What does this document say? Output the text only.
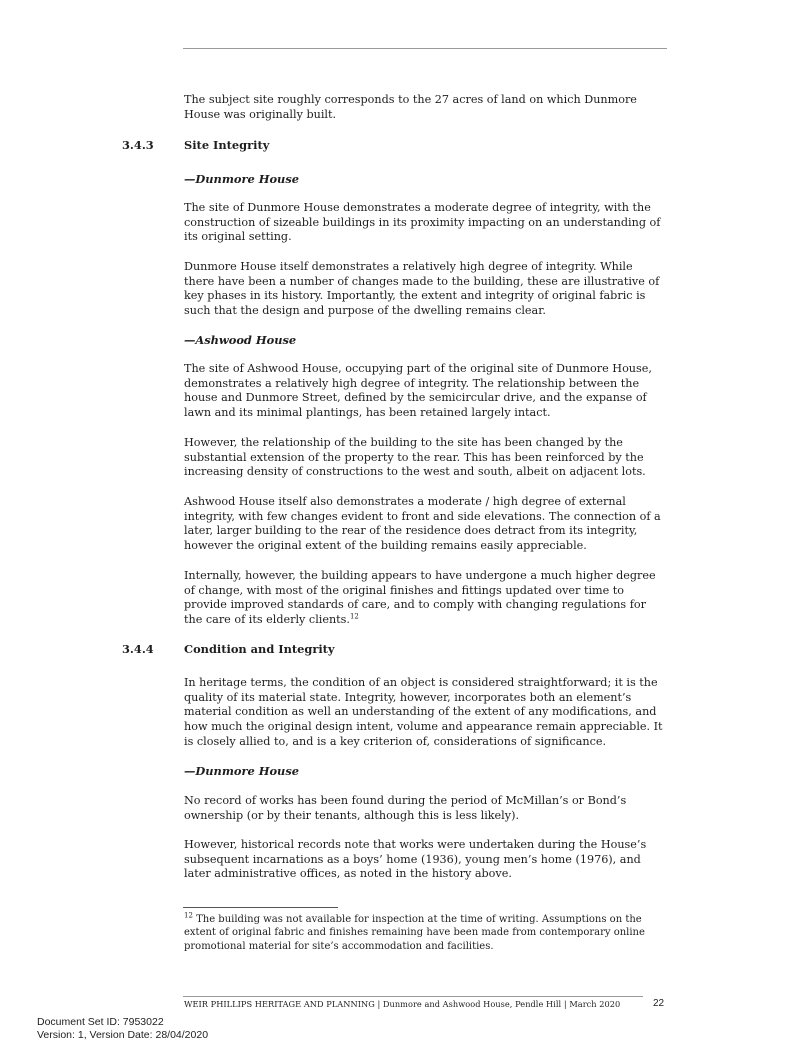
The subject site roughly corresponds to the 27 acres of land on which Dunmore House was originally built.

3.4.3	Site Integrity
—Dunmore House

The site of Dunmore House demonstrates a moderate degree of integrity, with the construction of sizeable buildings in its proximity impacting on an understanding of its original setting.

Dunmore House itself demonstrates a relatively high degree of integrity. While there have been a number of changes made to the building, these are illustrative of key phases in its history. Importantly, the extent and integrity of original fabric is such that the design and purpose of the dwelling remains clear.

—Ashwood House

The site of Ashwood House, occupying part of the original site of Dunmore House, demonstrates a relatively high degree of integrity. The relationship between the house and Dunmore Street, defined by the semicircular drive, and the expanse of lawn and its minimal plantings, has been retained largely intact.

However, the relationship of the building to the site has been changed by the substantial extension of the property to the rear. This has been reinforced by the increasing density of constructions to the west and south, albeit on adjacent lots.

Ashwood House itself also demonstrates a moderate / high degree of external integrity, with few changes evident to front and side elevations. The connection of a later, larger building to the rear of the residence does detract from its integrity, however the original extent of the building remains easily appreciable.

Internally, however, the building appears to have undergone a much higher degree of change, with most of the original finishes and fittings updated over time to provide improved standards of care, and to comply with changing regulations for the care of its elderly clients.$^{12}$

3.4.4	Condition and Integrity

In heritage terms, the condition of an object is considered straightforward; it is the quality of its material state. Integrity, however, incorporates both an element’s material condition as well an understanding of the extent of any modifications, and how much the original design intent, volume and appearance remain appreciable. It is closely allied to, and is a key criterion of, considerations of significance.

—Dunmore House

No record of works has been found during the period of McMillan’s or Bond’s ownership (or by their tenants, although this is less likely).

However, historical records note that works were undertaken during the House’s subsequent incarnations as a boys’ home (1936), young men’s home (1976), and later administrative offices, as noted in the history above.

$^{12}$ The building was not available for inspection at the time of writing. Assumptions on the extent of original fabric and finishes remaining have been made from contemporary online promotional material for site’s accommodation and facilities.
WEIR PHILLIPS HERITAGE AND PLANNING | Dunmore and Ashwood House, Pendle Hill | March 2020	22
Document Set ID: 7953022
Version: 1, Version Date: 28/04/2020
